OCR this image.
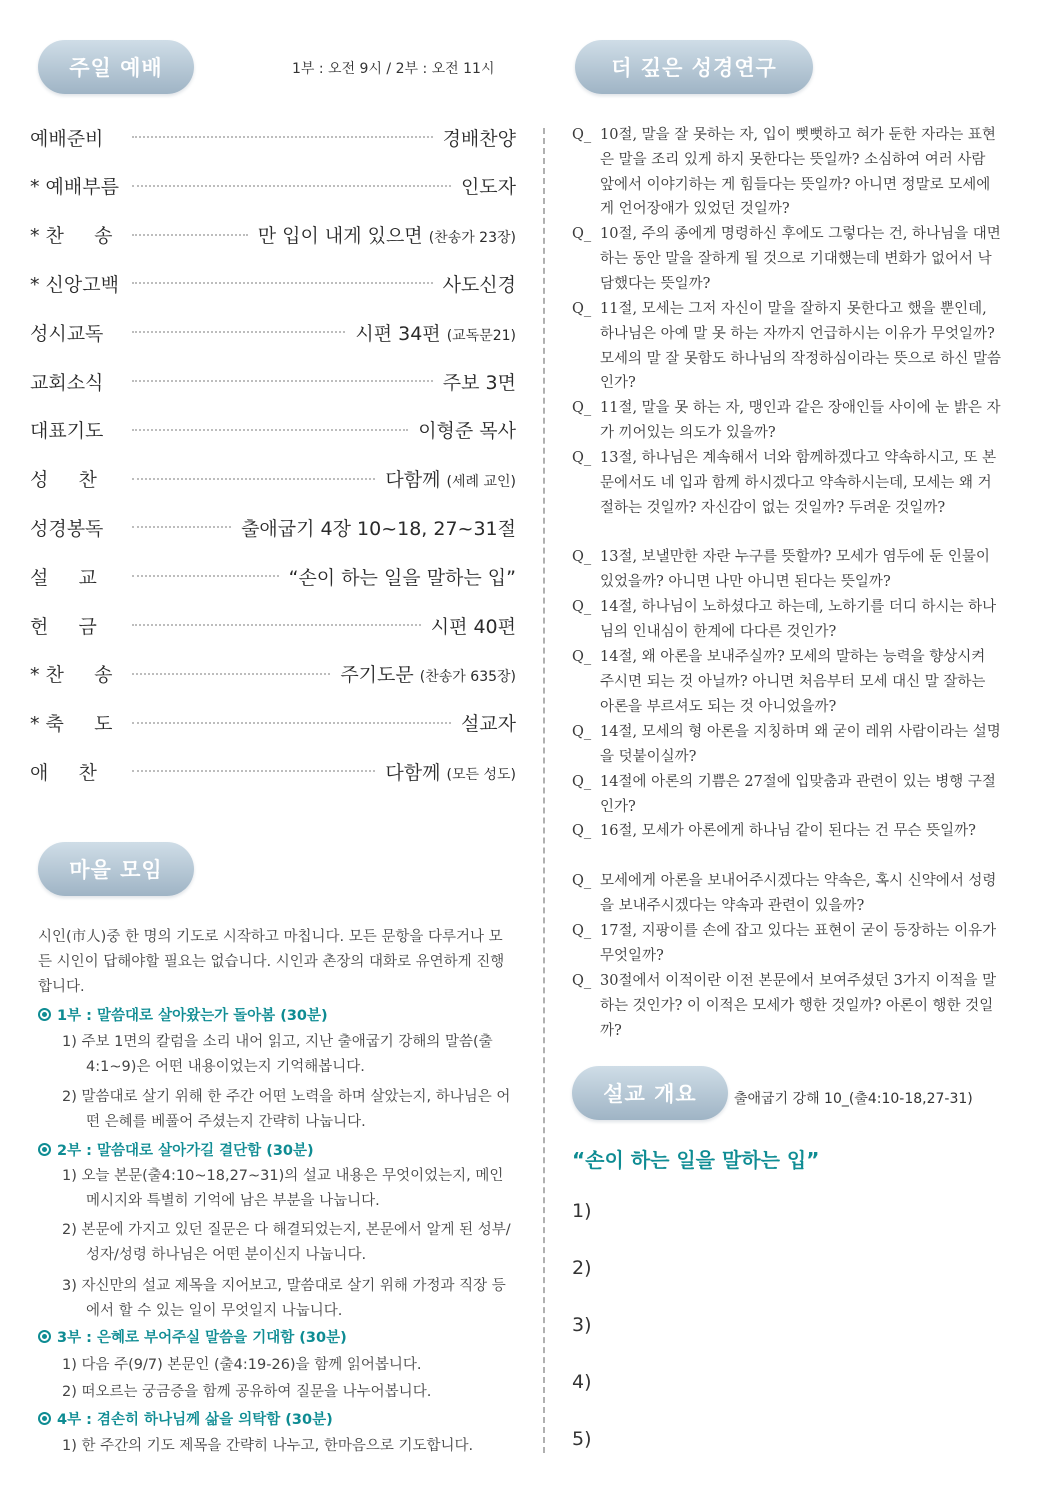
주일 예배	1부 : 오전 9시 / 2부 : 오전 11시
예배준비	경배찬양
* 예배부름	인도자
* 찬     송	만 입이 내게 있으면 (찬송가 23장)
* 신앙고백	사도신경
성시교독	시편 34편 (교독문21)
교회소식	주보 3면
대표기도	이형준 목사
성     찬	다함께 (세례 교인)
성경봉독	출애굽기 4장 10~18, 27~31절
설     교	“손이 하는 일을 말하는 입”
헌     금	시편 40편
* 찬     송	주기도문 (찬송가 635장)
* 축     도	설교자
애     찬	다함께 (모든 성도)
마을 모임
시인(市人)중 한 명의 기도로 시작하고 마칩니다. 모든 문항을 다루거나 모든 시인이 답해야할 필요는 없습니다. 시인과 촌장의 대화로 유연하게 진행합니다.
1부 : 말씀대로 살아왔는가 돌아봄 (30분)
1) 주보 1면의 칼럼을 소리 내어 읽고, 지난 출애굽기 강해의 말씀(출4:1~9)은 어떤 내용이었는지 기억해봅니다.
2) 말씀대로 살기 위해 한 주간 어떤 노력을 하며 살았는지, 하나님은 어떤 은혜를 베풀어 주셨는지 간략히 나눕니다.
2부 : 말씀대로 살아가길 결단함 (30분)
1) 오늘 본문(출4:10~18,27~31)의 설교 내용은 무엇이었는지, 메인 메시지와 특별히 기억에 남은 부분을 나눕니다.
2) 본문에 가지고 있던 질문은 다 해결되었는지, 본문에서 알게 된 성부/성자/성령 하나님은 어떤 분이신지 나눕니다.
3) 자신만의 설교 제목을 지어보고, 말씀대로 살기 위해 가정과 직장 등에서 할 수 있는 일이 무엇일지 나눕니다.
3부 : 은혜로 부어주실 말씀을 기대함 (30분)
1) 다음 주(9/7) 본문인 (출4:19-26)을 함께 읽어봅니다.
2) 떠오르는 궁금증을 함께 공유하여 질문을 나누어봅니다.
4부 : 겸손히 하나님께 삶을 의탁함 (30분)
1) 한 주간의 기도 제목을 간략히 나누고, 한마음으로 기도합니다.
더 깊은 성경연구
Q_ 10절, 말을 잘 못하는 자, 입이 뻣뻣하고 혀가 둔한 자라는 표현은 말을 조리 있게 하지 못한다는 뜻일까? 소심하여 여러 사람 앞에서 이야기하는 게 힘들다는 뜻일까? 아니면 정말로 모세에게 언어장애가 있었던 것일까?
Q_ 10절, 주의 종에게 명령하신 후에도 그렇다는 건, 하나님을 대면하는 동안 말을 잘하게 될 것으로 기대했는데 변화가 없어서 낙담했다는 뜻일까?
Q_ 11절, 모세는 그저 자신이 말을 잘하지 못한다고 했을 뿐인데, 하나님은 아예 말 못 하는 자까지 언급하시는 이유가 무엇일까? 모세의 말 잘 못함도 하나님의 작정하심이라는 뜻으로 하신 말씀인가?
Q_ 11절, 말을 못 하는 자, 맹인과 같은 장애인들 사이에 눈 밝은 자가 끼어있는 의도가 있을까?
Q_ 13절, 하나님은 계속해서 너와 함께하겠다고 약속하시고, 또 본문에서도 네 입과 함께 하시겠다고 약속하시는데, 모세는 왜 거절하는 것일까? 자신감이 없는 것일까? 두려운 것일까?
Q_ 13절, 보낼만한 자란 누구를 뜻할까? 모세가 염두에 둔 인물이 있었을까? 아니면 나만 아니면 된다는 뜻일까?
Q_ 14절, 하나님이 노하셨다고 하는데, 노하기를 더디 하시는 하나님의 인내심이 한계에 다다른 것인가?
Q_ 14절, 왜 아론을 보내주실까? 모세의 말하는 능력을 향상시켜 주시면 되는 것 아닐까? 아니면 처음부터 모세 대신 말 잘하는 아론을 부르셔도 되는 것 아니었을까?
Q_ 14절, 모세의 형 아론을 지칭하며 왜 굳이 레위 사람이라는 설명을 덧붙이실까?
Q_ 14절에 아론의 기쁨은 27절에 입맞춤과 관련이 있는 병행 구절인가?
Q_ 16절, 모세가 아론에게 하나님 같이 된다는 건 무슨 뜻일까?
Q_ 모세에게 아론을 보내어주시겠다는 약속은, 혹시 신약에서 성령을 보내주시겠다는 약속과 관련이 있을까?
Q_ 17절, 지팡이를 손에 잡고 있다는 표현이 굳이 등장하는 이유가 무엇일까?
Q_ 30절에서 이적이란 이전 본문에서 보여주셨던 3가지 이적을 말하는 것인가? 이 이적은 모세가 행한 것일까? 아론이 행한 것일까?
설교 개요	출애굽기 강해 10_(출4:10-18,27-31)
“손이 하는 일을 말하는 입”
1)
2)
3)
4)
5)
